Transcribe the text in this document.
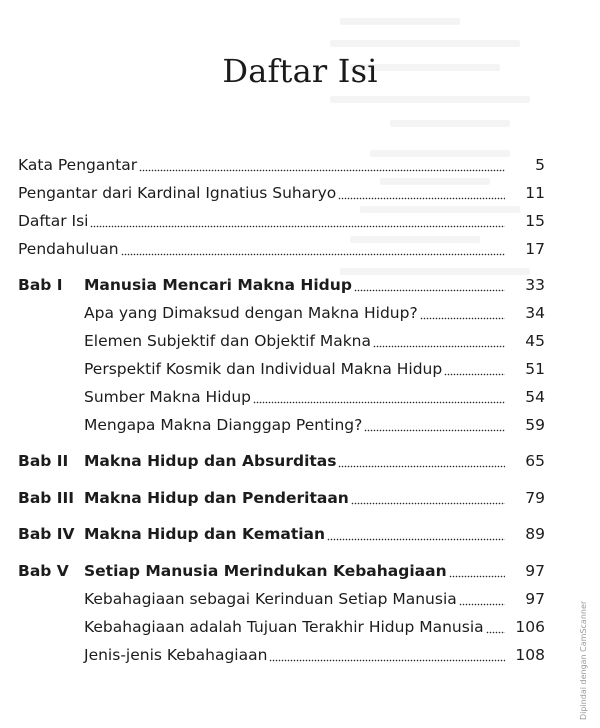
Daftar Isi
Kata Pengantar	5
Pengantar dari Kardinal Ignatius Suharyo	11
Daftar Isi	15
Pendahuluan	17
Bab I Manusia Mencari Makna Hidup	33
Apa yang Dimaksud dengan Makna Hidup?	34
Elemen Subjektif dan Objektif Makna	45
Perspektif Kosmik dan Individual Makna Hidup	51
Sumber Makna Hidup	54
Mengapa Makna Dianggap Penting?	59
Bab II Makna Hidup dan Absurditas	65
Bab III Makna Hidup dan Penderitaan	79
Bab IV Makna Hidup dan Kematian	89
Bab V Setiap Manusia Merindukan Kebahagiaan	97
Kebahagiaan sebagai Kerinduan Setiap Manusia	97
Kebahagiaan adalah Tujuan Terakhir Hidup Manusia 106
Jenis-jenis Kebahagiaan	108	Dipindai dengan CamScanner
